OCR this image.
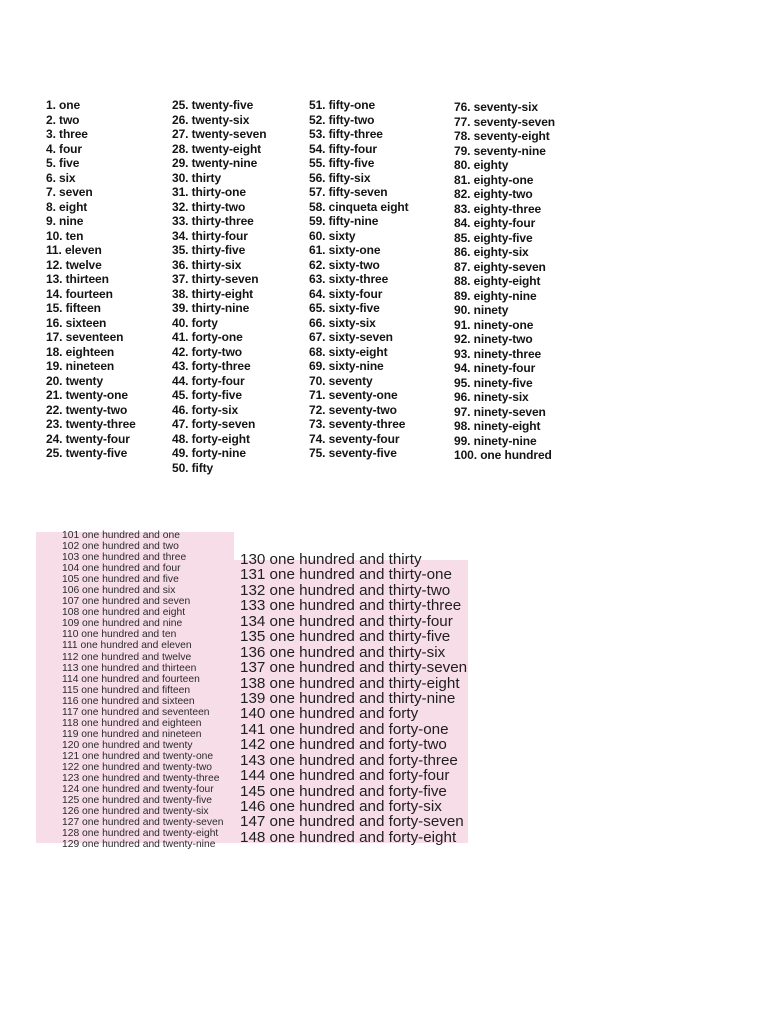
1. one
2. two
3. three
4. four
5. five
6. six
7. seven
8. eight
9. nine
10. ten
11. eleven
12. twelve
13. thirteen
14. fourteen
15. fifteen
16. sixteen
17. seventeen
18. eighteen
19. nineteen
20. twenty
21. twenty-one
22. twenty-two
23. twenty-three
24. twenty-four
25. twenty-five
25. twenty-five
26. twenty-six
27. twenty-seven
28. twenty-eight
29. twenty-nine
30. thirty
31. thirty-one
32. thirty-two
33. thirty-three
34. thirty-four
35. thirty-five
36. thirty-six
37. thirty-seven
38. thirty-eight
39. thirty-nine
40. forty
41. forty-one
42. forty-two
43. forty-three
44. forty-four
45. forty-five
46. forty-six
47. forty-seven
48. forty-eight
49. forty-nine
50. fifty
51. fifty-one
52. fifty-two
53. fifty-three
54. fifty-four
55. fifty-five
56. fifty-six
57. fifty-seven
58. cinqueta eight
59. fifty-nine
60. sixty
61. sixty-one
62. sixty-two
63. sixty-three
64. sixty-four
65. sixty-five
66. sixty-six
67. sixty-seven
68. sixty-eight
69. sixty-nine
70. seventy
71. seventy-one
72. seventy-two
73. seventy-three
74. seventy-four
75. seventy-five
76. seventy-six
77. seventy-seven
78. seventy-eight
79. seventy-nine
80. eighty
81. eighty-one
82. eighty-two
83. eighty-three
84. eighty-four
85. eighty-five
86. eighty-six
87. eighty-seven
88. eighty-eight
89. eighty-nine
90. ninety
91. ninety-one
92. ninety-two
93. ninety-three
94. ninety-four
95. ninety-five
96. ninety-six
97. ninety-seven
98. ninety-eight
99. ninety-nine
100. one hundred
101 one hundred and one
102 one hundred and two
103 one hundred and three
104 one hundred and four
105 one hundred and five
106 one hundred and six
107 one hundred and seven
108 one hundred and eight
109 one hundred and nine
110 one hundred and ten
111 one hundred and eleven
112 one hundred and twelve
113 one hundred and thirteen
114 one hundred and fourteen
115 one hundred and fifteen
116 one hundred and sixteen
117 one hundred and seventeen
118 one hundred and eighteen
119 one hundred and nineteen
120 one hundred and twenty
121 one hundred and twenty-one
122 one hundred and twenty-two
123 one hundred and twenty-three
124 one hundred and twenty-four
125 one hundred and twenty-five
126 one hundred and twenty-six
127 one hundred and twenty-seven
128 one hundred and twenty-eight
129 one hundred and twenty-nine
130 one hundred and thirty
131 one hundred and thirty-one
132 one hundred and thirty-two
133 one hundred and thirty-three
134 one hundred and thirty-four
135 one hundred and thirty-five
136 one hundred and thirty-six
137 one hundred and thirty-seven
138 one hundred and thirty-eight
139 one hundred and thirty-nine
140 one hundred and forty
141 one hundred and forty-one
142 one hundred and forty-two
143 one hundred and forty-three
144 one hundred and forty-four
145 one hundred and forty-five
146 one hundred and forty-six
147 one hundred and forty-seven
148 one hundred and forty-eight
